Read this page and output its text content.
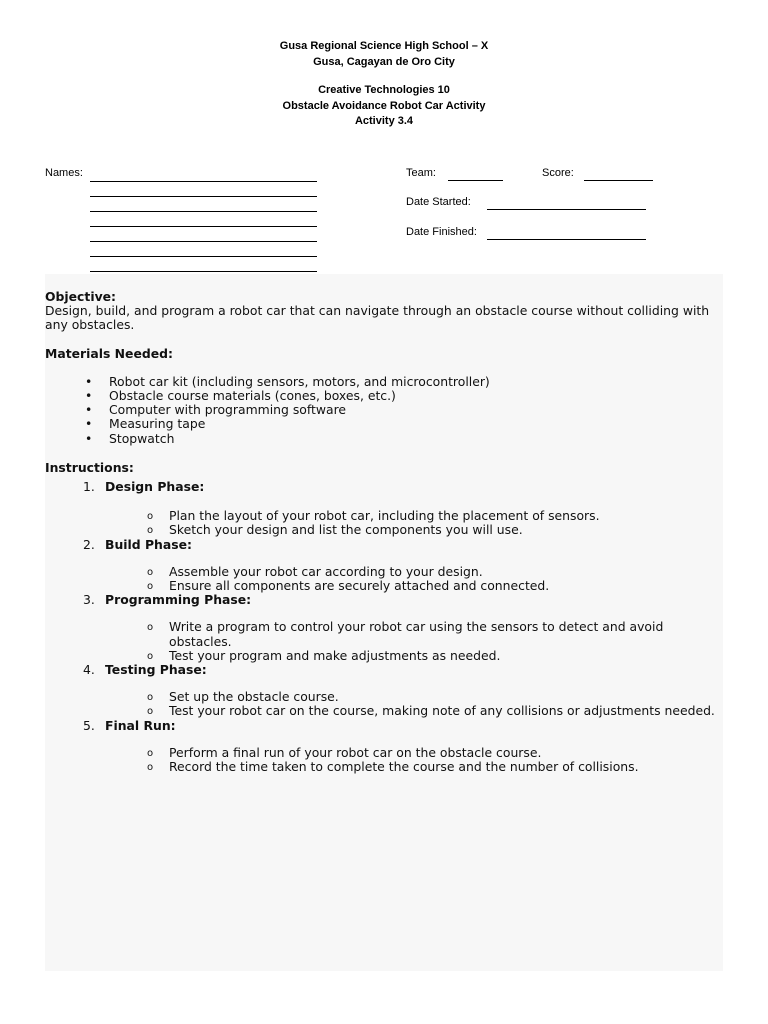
Gusa Regional Science High School – X
Gusa, Cagayan de Oro City
Creative Technologies 10
Obstacle Avoidance Robot Car Activity
Activity 3.4
Names:	Team:	Score:
Date Started:
Date Finished:

Objective:

Design, build, and program a robot car that can navigate through an obstacle course without colliding with any obstacles.

Materials Needed:

• Robot car kit (including sensors, motors, and microcontroller)
• Obstacle course materials (cones, boxes, etc.)
• Computer with programming software
• Measuring tape
• Stopwatch

Instructions:

1. Design Phase:
o Plan the layout of your robot car, including the placement of sensors.
o Sketch your design and list the components you will use.
2. Build Phase:
o Assemble your robot car according to your design.
o Ensure all components are securely attached and connected.
3. Programming Phase:
o Write a program to control your robot car using the sensors to detect and avoid obstacles.
o Test your program and make adjustments as needed.
4. Testing Phase:
o Set up the obstacle course.
o Test your robot car on the course, making note of any collisions or adjustments needed.
5. Final Run:
o Perform a final run of your robot car on the obstacle course.
o Record the time taken to complete the course and the number of collisions.
